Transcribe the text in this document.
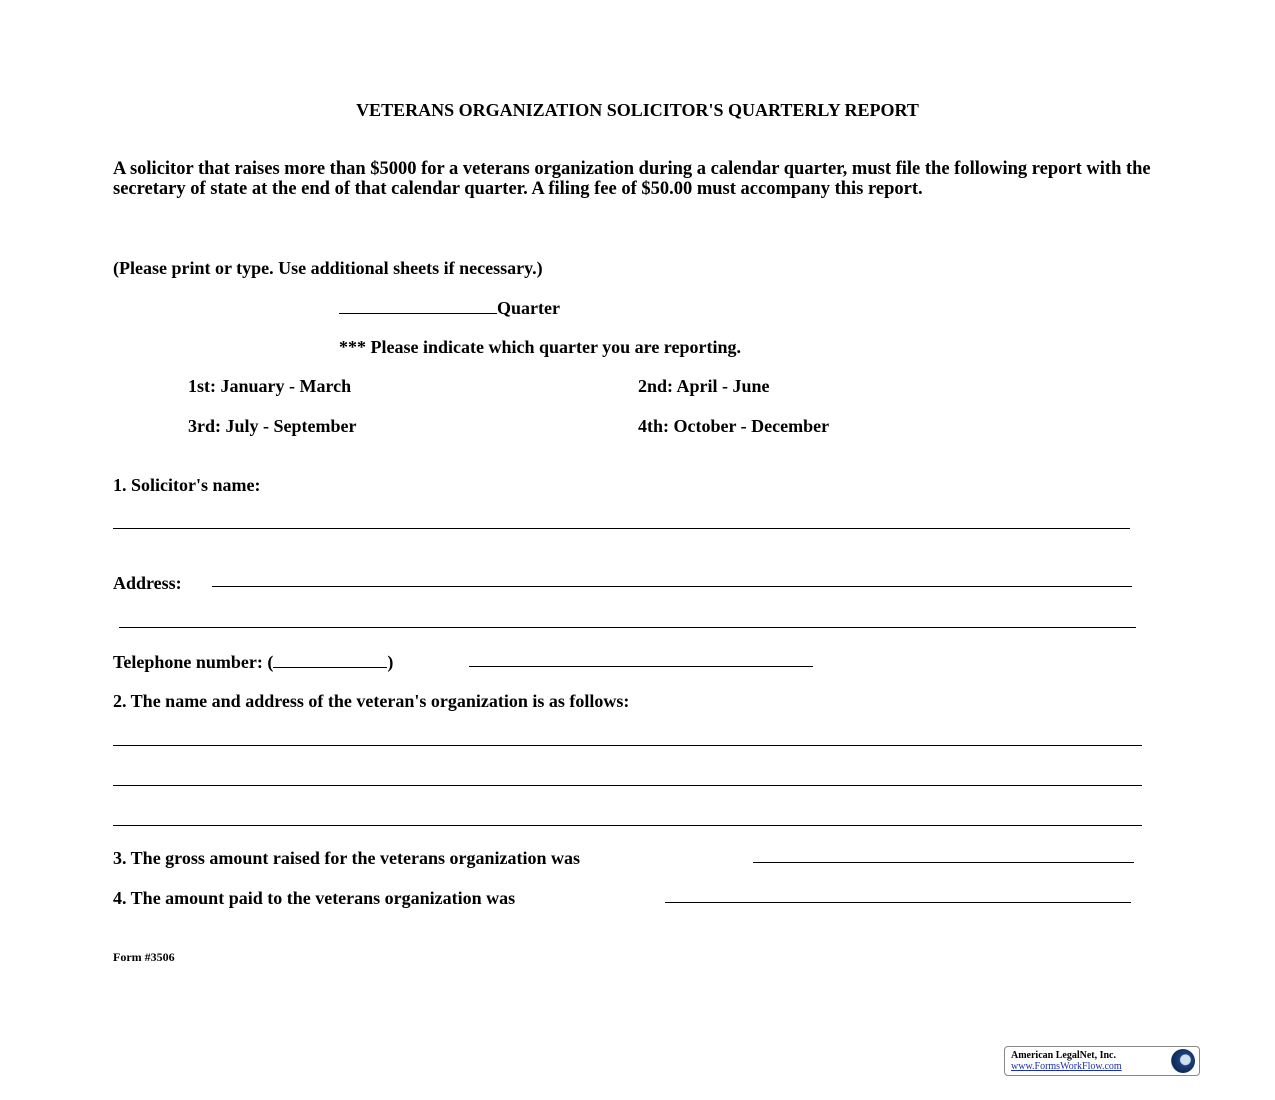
VETERANS ORGANIZATION SOLICITOR'S QUARTERLY REPORT
A solicitor that raises more than $5000 for a veterans organization during a calendar quarter, must file the following report with the secretary of state at the end of that calendar quarter. A filing fee of $50.00 must accompany this report.
(Please print or type. Use additional sheets if necessary.)
Quarter
*** Please indicate which quarter you are reporting.
1st: January - March	2nd: April - June
3rd: July - September	4th: October - December
1. Solicitor's name:
Address:
Telephone number: (	)
2. The name and address of the veteran's organization is as follows:
3. The gross amount raised for the veterans organization was
4. The amount paid to the veterans organization was
Form #3506
American LegalNet, Inc.
www.FormsWorkFlow.com
